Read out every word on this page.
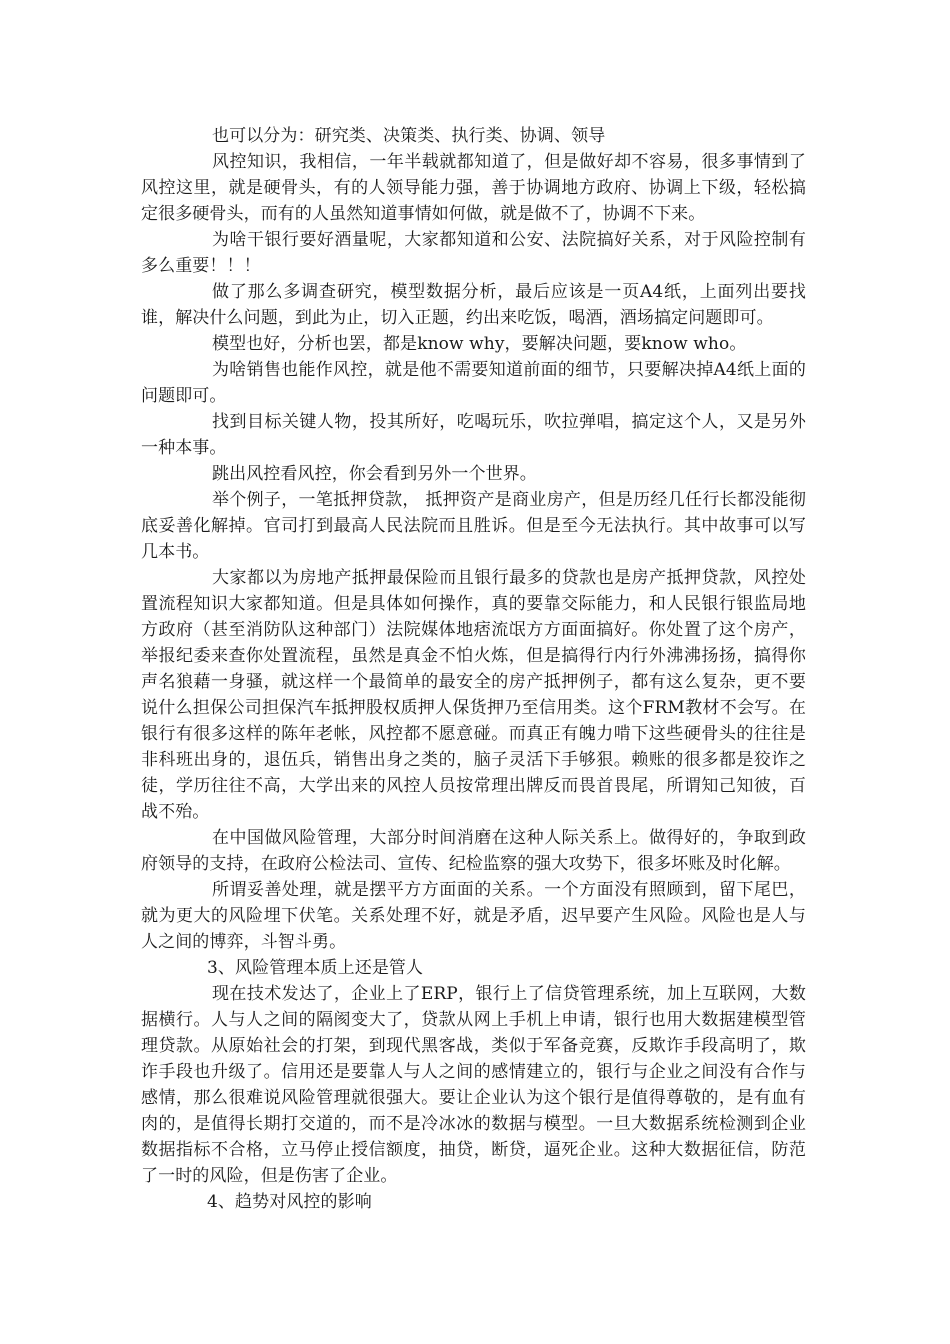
也可以分为：研究类、决策类、执行类、协调、领导

风控知识，我相信，一年半载就都知道了，但是做好却不容易，很多事情到了风控这里，就是硬骨头，有的人领导能力强，善于协调地方政府、协调上下级，轻松搞定很多硬骨头，而有的人虽然知道事情如何做，就是做不了，协调不下来。

为啥干银行要好酒量呢，大家都知道和公安、法院搞好关系，对于风险控制有多么重要！！！

做了那么多调查研究，模型数据分析，最后应该是一页A4纸，上面列出要找谁，解决什么问题，到此为止，切入正题，约出来吃饭，喝酒，酒场搞定问题即可。

模型也好，分析也罢，都是know why，要解决问题，要know who。

为啥销售也能作风控，就是他不需要知道前面的细节，只要解决掉A4纸上面的问题即可。

找到目标关键人物，投其所好，吃喝玩乐，吹拉弹唱，搞定这个人，又是另外一种本事。

跳出风控看风控，你会看到另外一个世界。

举个例子，一笔抵押贷款， 抵押资产是商业房产，但是历经几任行长都没能彻底妥善化解掉。官司打到最高人民法院而且胜诉。但是至今无法执行。其中故事可以写几本书。

大家都以为房地产抵押最保险而且银行最多的贷款也是房产抵押贷款，风控处置流程知识大家都知道。但是具体如何操作，真的要靠交际能力，和人民银行银监局地方政府（甚至消防队这种部门）法院媒体地痞流氓方方面面搞好。你处置了这个房产，举报纪委来查你处置流程，虽然是真金不怕火炼，但是搞得行内行外沸沸扬扬，搞得你声名狼藉一身骚，就这样一个最简单的最安全的房产抵押例子，都有这么复杂，更不要说什么担保公司担保汽车抵押股权质押人保货押乃至信用类。这个FRM教材不会写。在银行有很多这样的陈年老帐，风控都不愿意碰。而真正有魄力啃下这些硬骨头的往往是非科班出身的，退伍兵，销售出身之类的，脑子灵活下手够狠。赖账的很多都是狡诈之徒，学历往往不高，大学出来的风控人员按常理出牌反而畏首畏尾，所谓知己知彼，百战不殆。

在中国做风险管理，大部分时间消磨在这种人际关系上。做得好的，争取到政府领导的支持，在政府公检法司、宣传、纪检监察的强大攻势下，很多坏账及时化解。

所谓妥善处理，就是摆平方方面面的关系。一个方面没有照顾到，留下尾巴，就为更大的风险埋下伏笔。关系处理不好，就是矛盾，迟早要产生风险。风险也是人与人之间的博弈，斗智斗勇。

3、风险管理本质上还是管人

现在技术发达了，企业上了ERP，银行上了信贷管理系统，加上互联网，大数据横行。人与人之间的隔阂变大了，贷款从网上手机上申请，银行也用大数据建模型管理贷款。从原始社会的打架，到现代黑客战，类似于军备竞赛，反欺诈手段高明了，欺诈手段也升级了。信用还是要靠人与人之间的感情建立的，银行与企业之间没有合作与感情，那么很难说风险管理就很强大。要让企业认为这个银行是值得尊敬的，是有血有肉的，是值得长期打交道的，而不是冷冰冰的数据与模型。一旦大数据系统检测到企业数据指标不合格，立马停止授信额度，抽贷，断贷，逼死企业。这种大数据征信，防范了一时的风险，但是伤害了企业。

4、趋势对风控的影响
